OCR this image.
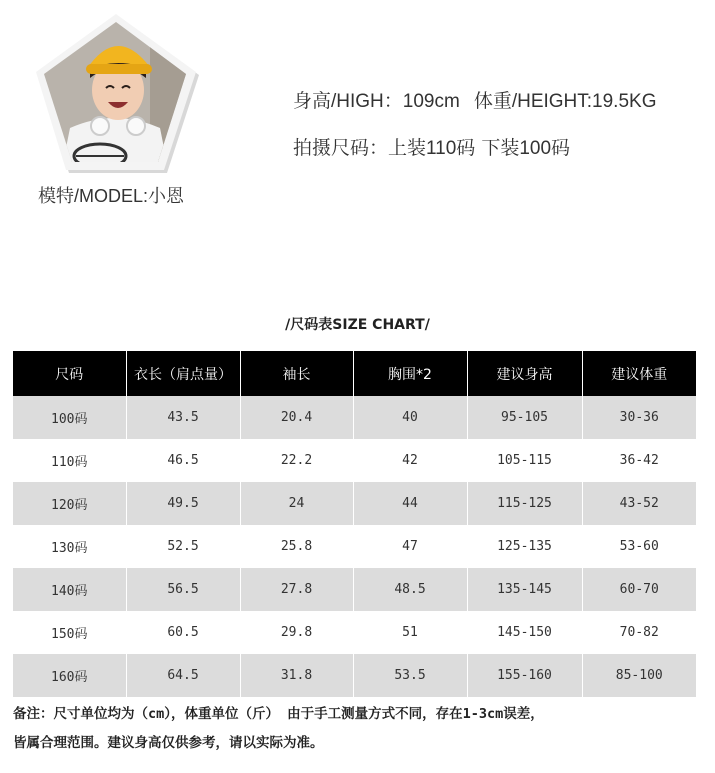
模特/MODEL:小恩
身高/HIGH：109cm 体重/HEIGHT:19.5KG
拍摄尺码：上装110码 下装100码
/尺码表SIZE CHART/
尺码	衣长（肩点量）	袖长	胸围*2	建议身高	建议体重
100码	43.5	20.4	40	95-105	30-36
110码	46.5	22.2	42	105-115	36-42
120码	49.5	24	44	115-125	43-52
130码	52.5	25.8	47	125-135	53-60
140码	56.5	27.8	48.5	135-145	60-70
150码	60.5	29.8	51	145-150	70-82
160码	64.5	31.8	53.5	155-160	85-100
备注：尺寸单位均为（cm），体重单位（斤） 由于手工测量方式不同，存在1-3cm误差，
皆属合理范围。建议身高仅供参考，请以实际为准。
